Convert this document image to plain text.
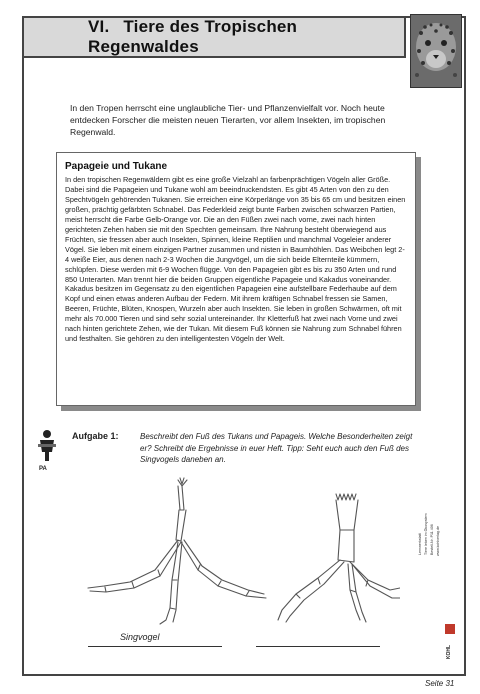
VI. Tiere des Tropischen Regenwaldes
In den Tropen herrscht eine unglaubliche Tier- und Pflanzenvielfalt vor. Noch heute entdecken Forscher die meisten neuen Tierarten, vor allem Insekten, im tropischen Regenwald.
Papageie und Tukane

In den tropischen Regenwäldern gibt es eine große Vielzahl an farbenprächtigen Vögeln aller Größe. Dabei sind die Papageien und Tukane wohl am beeindruckendsten. Es gibt 45 Arten von den zu den Spechtvögeln gehörenden Tukanen. Sie erreichen eine Körperlänge von 35 bis 65 cm und besitzen einen großen, prächtig gefärbten Schnabel. Das Federkleid zeigt bunte Farben zwischen schwarzen Partien, meist herrscht die Farbe Gelb-Orange vor. Die an den Füßen zwei nach vorne, zwei nach hinten gerichteten Zehen haben sie mit den Spechten gemeinsam. Ihre Nahrung besteht überwiegend aus Früchten, sie fressen aber auch Insekten, Spinnen, kleine Reptilien und manchmal Vogeleier anderer Vögel. Sie leben mit einem einzigen Partner zusammen und nisten in Baumhöhlen. Das Weibchen legt 2-4 weiße Eier, aus denen nach 2-3 Wochen die Jungvögel, um die sich beide Elternteile kümmern, schlüpfen. Diese werden mit 6-9 Wochen flügge. Von den Papageien gibt es bis zu 350 Arten und rund 850 Unterarten. Man trennt hier die beiden Gruppen eigentliche Papageie und Kakadus voneinander. Kakadus besitzen im Gegensatz zu den eigentlichen Papageien eine aufstellbare Federhaube auf dem Kopf und einen etwas anderen Aufbau der Federn. Mit ihrem kräftigen Schnabel fressen sie Samen, Beeren, Früchte, Blüten, Knospen, Wurzeln aber auch Insekten. Sie leben in großen Schwärmen, oft mit mehr als 70.000 Tieren und sind sehr sozial untereinander. Ihr Kletterfuß hat zwei nach Vorne und zwei nach hinten gerichtete Zehen, wie der Tukan. Mit diesem Fuß können sie Nahrung zum Schnabel führen und festhalten. Sie gehören zu den intelligentesten Vögeln der Welt.

PA
Aufgabe 1:	Beschreibt den Fuß des Tukans und Papageis. Welche Besonderheiten zeigt er? Schreibt die Ergebnisse in euer Heft. Tipp: Seht euch auch den Fuß des Singvogels daneben an.
Singvogel
Lernwerkstatt Tiere leben im Ökosystem Bestell-Nr. P11 406 www.kohlverlag.de
KOHL
Seite 31
